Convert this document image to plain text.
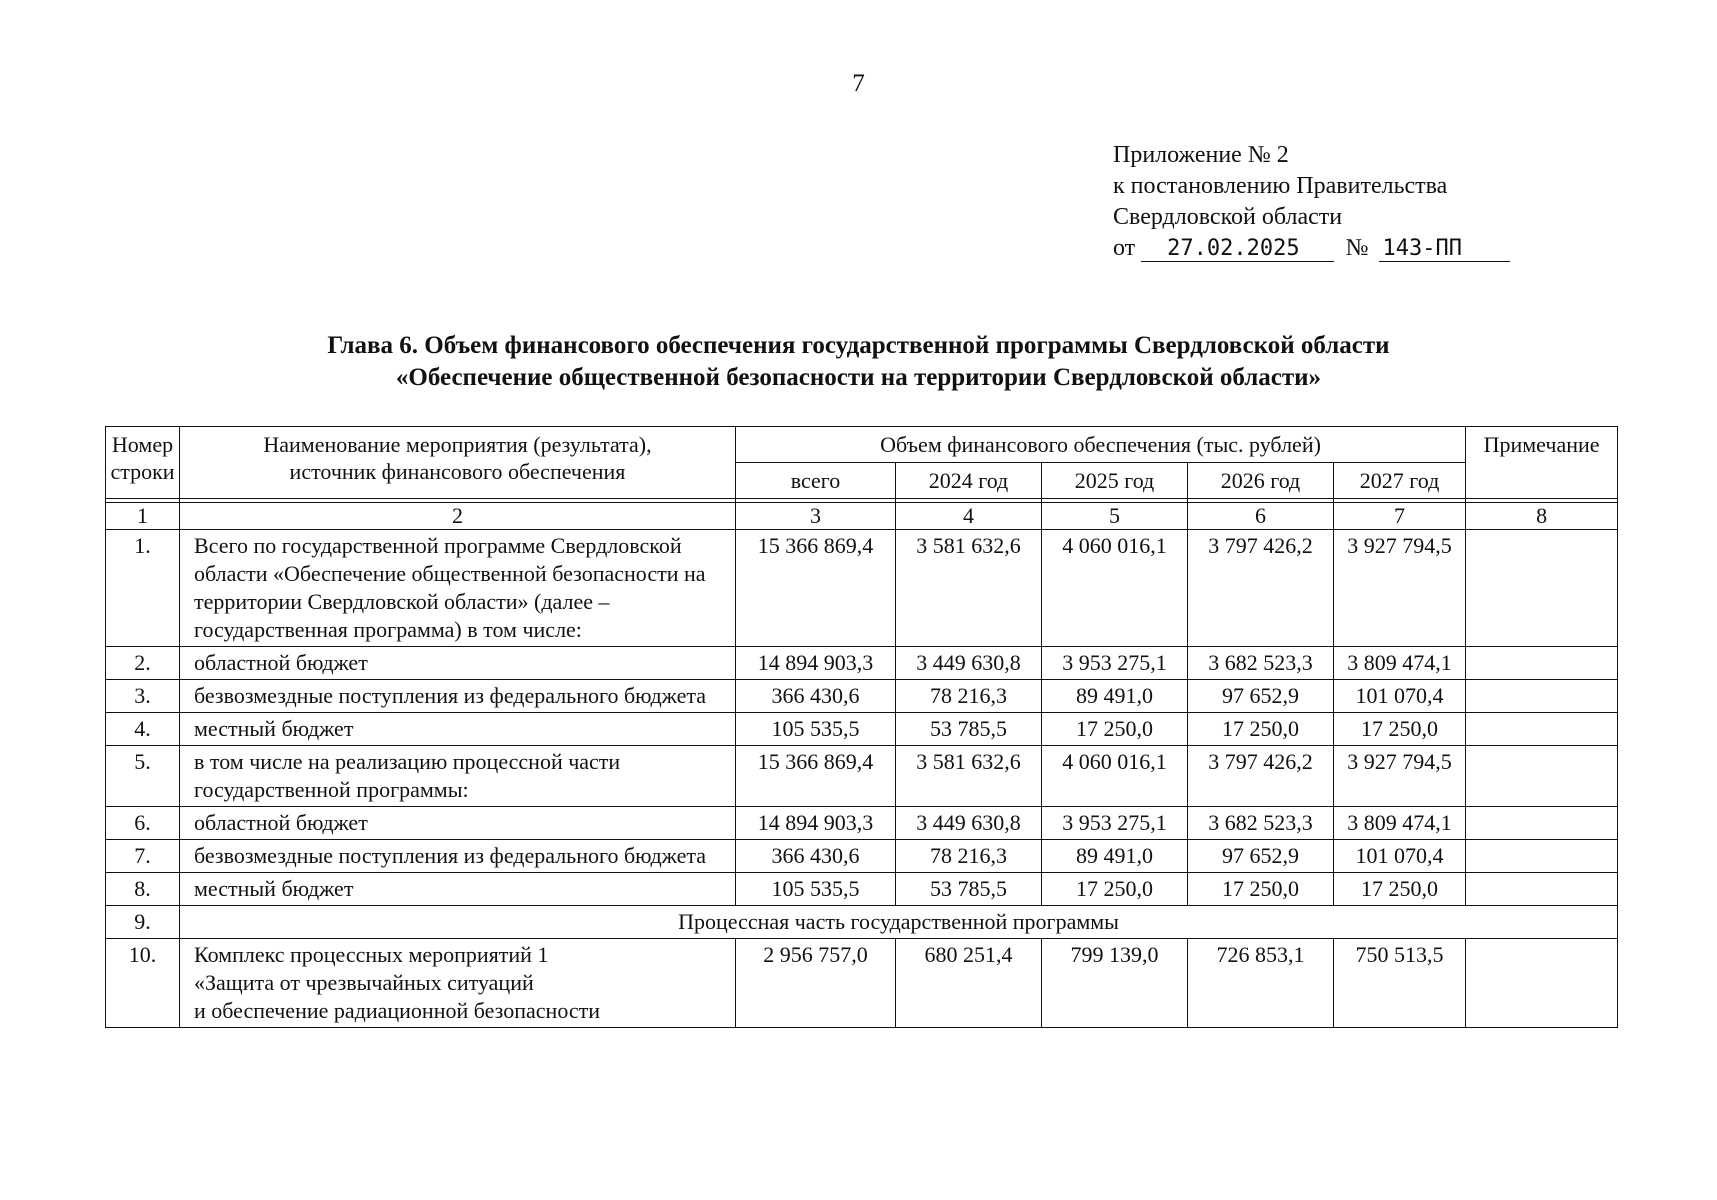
7
Приложение № 2
к постановлению Правительства
Свердловской области
от 27.02.2025 № 143-ПП
Глава 6. Объем финансового обеспечения государственной программы Свердловской области
«Обеспечение общественной безопасности на территории Свердловской области»
Номер строки	Наименование мероприятия (результата), источник финансового обеспечения	Объем финансового обеспечения (тыс. рублей)					Примечание
		всего	2024 год	2025 год	2026 год	2027 год	

1	2	3	4	5	6	7	8
1.	Всего по государственной программе Свердловской области «Обеспечение общественной безопасности на территории Свердловской области» (далее – государственная программа) в том числе:	15 366 869,4	3 581 632,6	4 060 016,1	3 797 426,2	3 927 794,5	
2.	областной бюджет	14 894 903,3	3 449 630,8	3 953 275,1	3 682 523,3	3 809 474,1	
3.	безвозмездные поступления из федерального бюджета	366 430,6	78 216,3	89 491,0	97 652,9	101 070,4	
4.	местный бюджет	105 535,5	53 785,5	17 250,0	17 250,0	17 250,0	
5.	в том числе на реализацию процессной части государственной программы:	15 366 869,4	3 581 632,6	4 060 016,1	3 797 426,2	3 927 794,5	
6.	областной бюджет	14 894 903,3	3 449 630,8	3 953 275,1	3 682 523,3	3 809 474,1	
7.	безвозмездные поступления из федерального бюджета	366 430,6	78 216,3	89 491,0	97 652,9	101 070,4	
8.	местный бюджет	105 535,5	53 785,5	17 250,0	17 250,0	17 250,0	
9.	Процессная часть государственной программы						
10.	Комплекс процессных мероприятий 1
«Защита от чрезвычайных ситуаций
и обеспечение радиационной безопасности	2 956 757,0	680 251,4	799 139,0	726 853,1	750 513,5	
